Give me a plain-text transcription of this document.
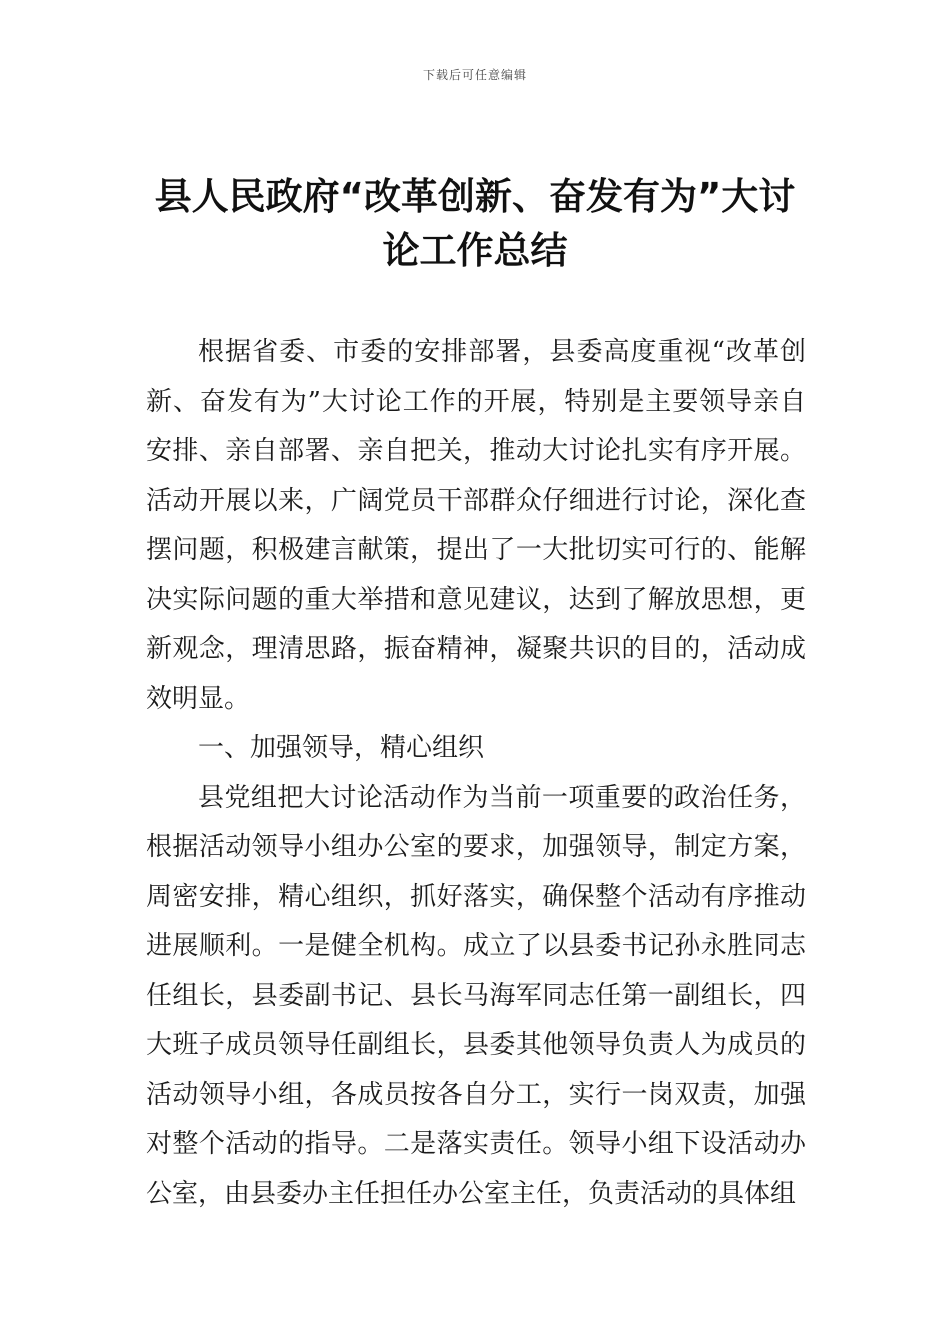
下载后可任意编辑
县人民政府“改革创新、奋发有为”大讨
论工作总结

根据省委、市委的安排部署，县委高度重视“改革创新、奋发有为”大讨论工作的开展，特别是主要领导亲自安排、亲自部署、亲自把关，推动大讨论扎实有序开展。活动开展以来，广阔党员干部群众仔细进行讨论，深化查摆问题，积极建言献策，提出了一大批切实可行的、能解决实际问题的重大举措和意见建议，达到了解放思想，更新观念，理清思路，振奋精神，凝聚共识的目的，活动成效明显。

一、加强领导，精心组织

县党组把大讨论活动作为当前一项重要的政治任务，根据活动领导小组办公室的要求，加强领导，制定方案，周密安排，精心组织，抓好落实，确保整个活动有序推动进展顺利。一是健全机构。成立了以县委书记孙永胜同志任组长，县委副书记、县长马海军同志任第一副组长，四大班子成员领导任副组长，县委其他领导负责人为成员的活动领导小组，各成员按各自分工，实行一岗双责，加强对整个活动的指导。二是落实责任。领导小组下设活动办公室，由县委办主任担任办公室主任，负责活动的具体组
